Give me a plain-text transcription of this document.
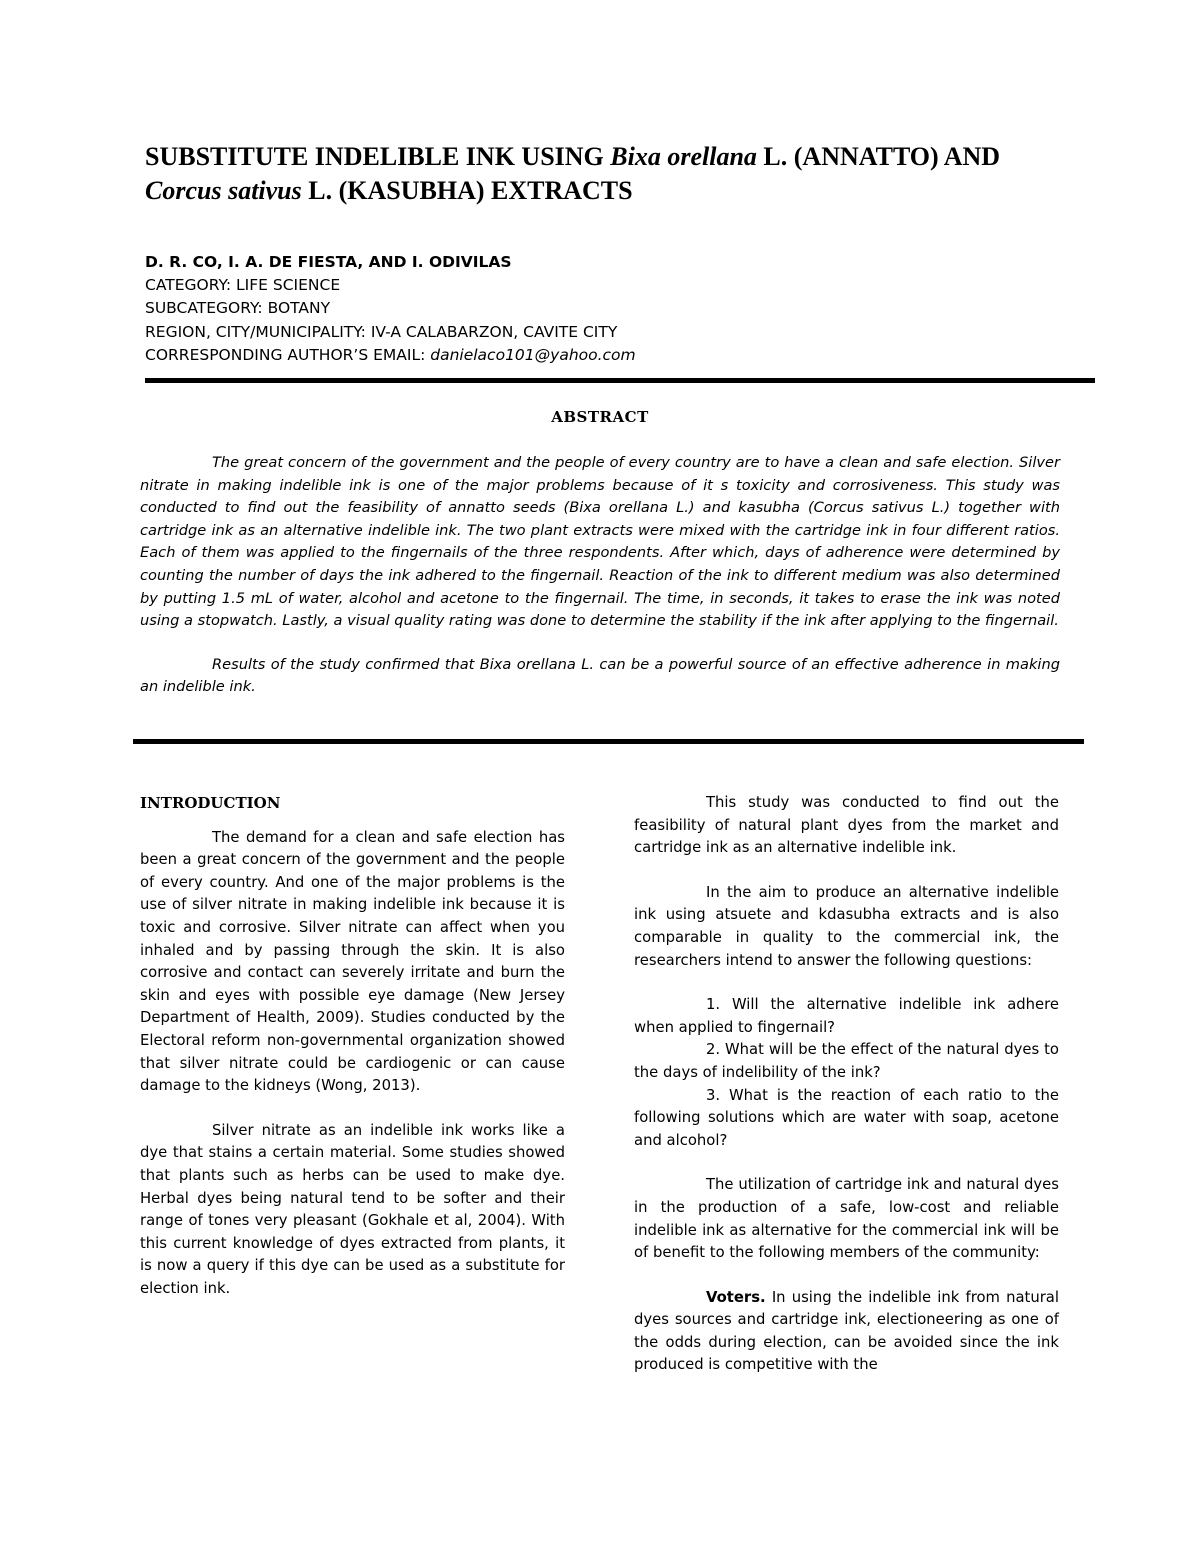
SUBSTITUTE INDELIBLE INK USING Bixa orellana L. (ANNATTO) AND
Corcus sativus L. (KASUBHA) EXTRACTS
D. R. CO, I. A. DE FIESTA, AND I. ODIVILAS
CATEGORY: LIFE SCIENCE
SUBCATEGORY: BOTANY
REGION, CITY/MUNICIPALITY: IV-A CALABARZON, CAVITE CITY
CORRESPONDING AUTHOR’S EMAIL: danielaco101@yahoo.com
ABSTRACT

The great concern of the government and the people of every country are to have a clean and safe election. Silver nitrate in making indelible ink is one of the major problems because of it s toxicity and corrosiveness. This study was conducted to find out the feasibility of annatto seeds (Bixa orellana L.) and kasubha (Corcus sativus L.) together with cartridge ink as an alternative indelible ink. The two plant extracts were mixed with the cartridge ink in four different ratios. Each of them was applied to the fingernails of the three respondents. After which, days of adherence were determined by counting the number of days the ink adhered to the fingernail. Reaction of the ink to different medium was also determined by putting 1.5 mL of water, alcohol and acetone to the fingernail. The time, in seconds, it takes to erase the ink was noted using a stopwatch. Lastly, a visual quality rating was done to determine the stability if the ink after applying to the fingernail.

Results of the study confirmed that Bixa orellana L. can be a powerful source of an effective adherence in making an indelible ink.

INTRODUCTION

The demand for a clean and safe election has been a great concern of the government and the people of every country. And one of the major problems is the use of silver nitrate in making indelible ink because it is toxic and corrosive. Silver nitrate can affect when you inhaled and by passing through the skin. It is also corrosive and contact can severely irritate and burn the skin and eyes with possible eye damage (New Jersey Department of Health, 2009). Studies conducted by the Electoral reform non-governmental organization showed that silver nitrate could be cardiogenic or can cause damage to the kidneys (Wong, 2013).

Silver nitrate as an indelible ink works like a dye that stains a certain material. Some studies showed that plants such as herbs can be used to make dye. Herbal dyes being natural tend to be softer and their range of tones very pleasant (Gokhale et al, 2004). With this current knowledge of dyes extracted from plants, it is now a query if this dye can be used as a substitute for election ink.

This study was conducted to find out the feasibility of natural plant dyes from the market and cartridge ink as an alternative indelible ink.

In the aim to produce an alternative indelible ink using atsuete and kdasubha extracts and is also comparable in quality to the commercial ink, the researchers intend to answer the following questions:

1. Will the alternative indelible ink adhere when applied to fingernail?

2. What will be the effect of the natural dyes to the days of indelibility of the ink?

3. What is the reaction of each ratio to the following solutions which are water with soap, acetone and alcohol?

The utilization of cartridge ink and natural dyes in the production of a safe, low-cost and reliable indelible ink as alternative for the commercial ink will be of benefit to the following members of the community:

Voters. In using the indelible ink from natural dyes sources and cartridge ink, electioneering as one of the odds during election, can be avoided since the ink produced is competitive with the
